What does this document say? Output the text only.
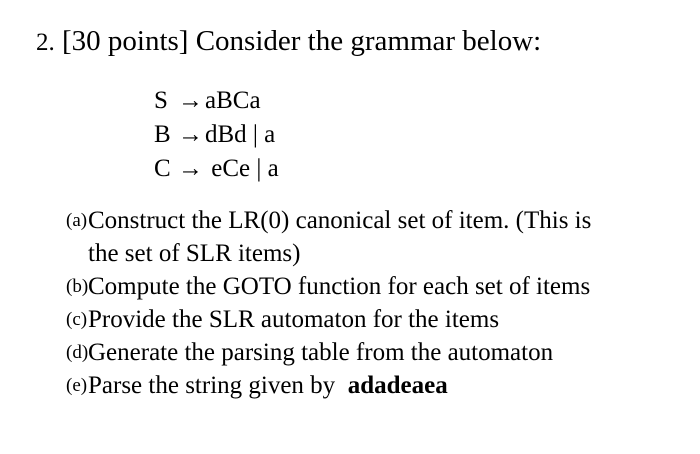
2. [30 points] Consider the grammar below:
S →aBCa
B →dBd | a
C → eCe | a
(a) Construct the LR(0) canonical set of item. (This is
the set of SLR items)
(b) Compute the GOTO function for each set of items
(c) Provide the SLR automaton for the items
(d) Generate the parsing table from the automaton
(e) Parse the string given by adadeaea
